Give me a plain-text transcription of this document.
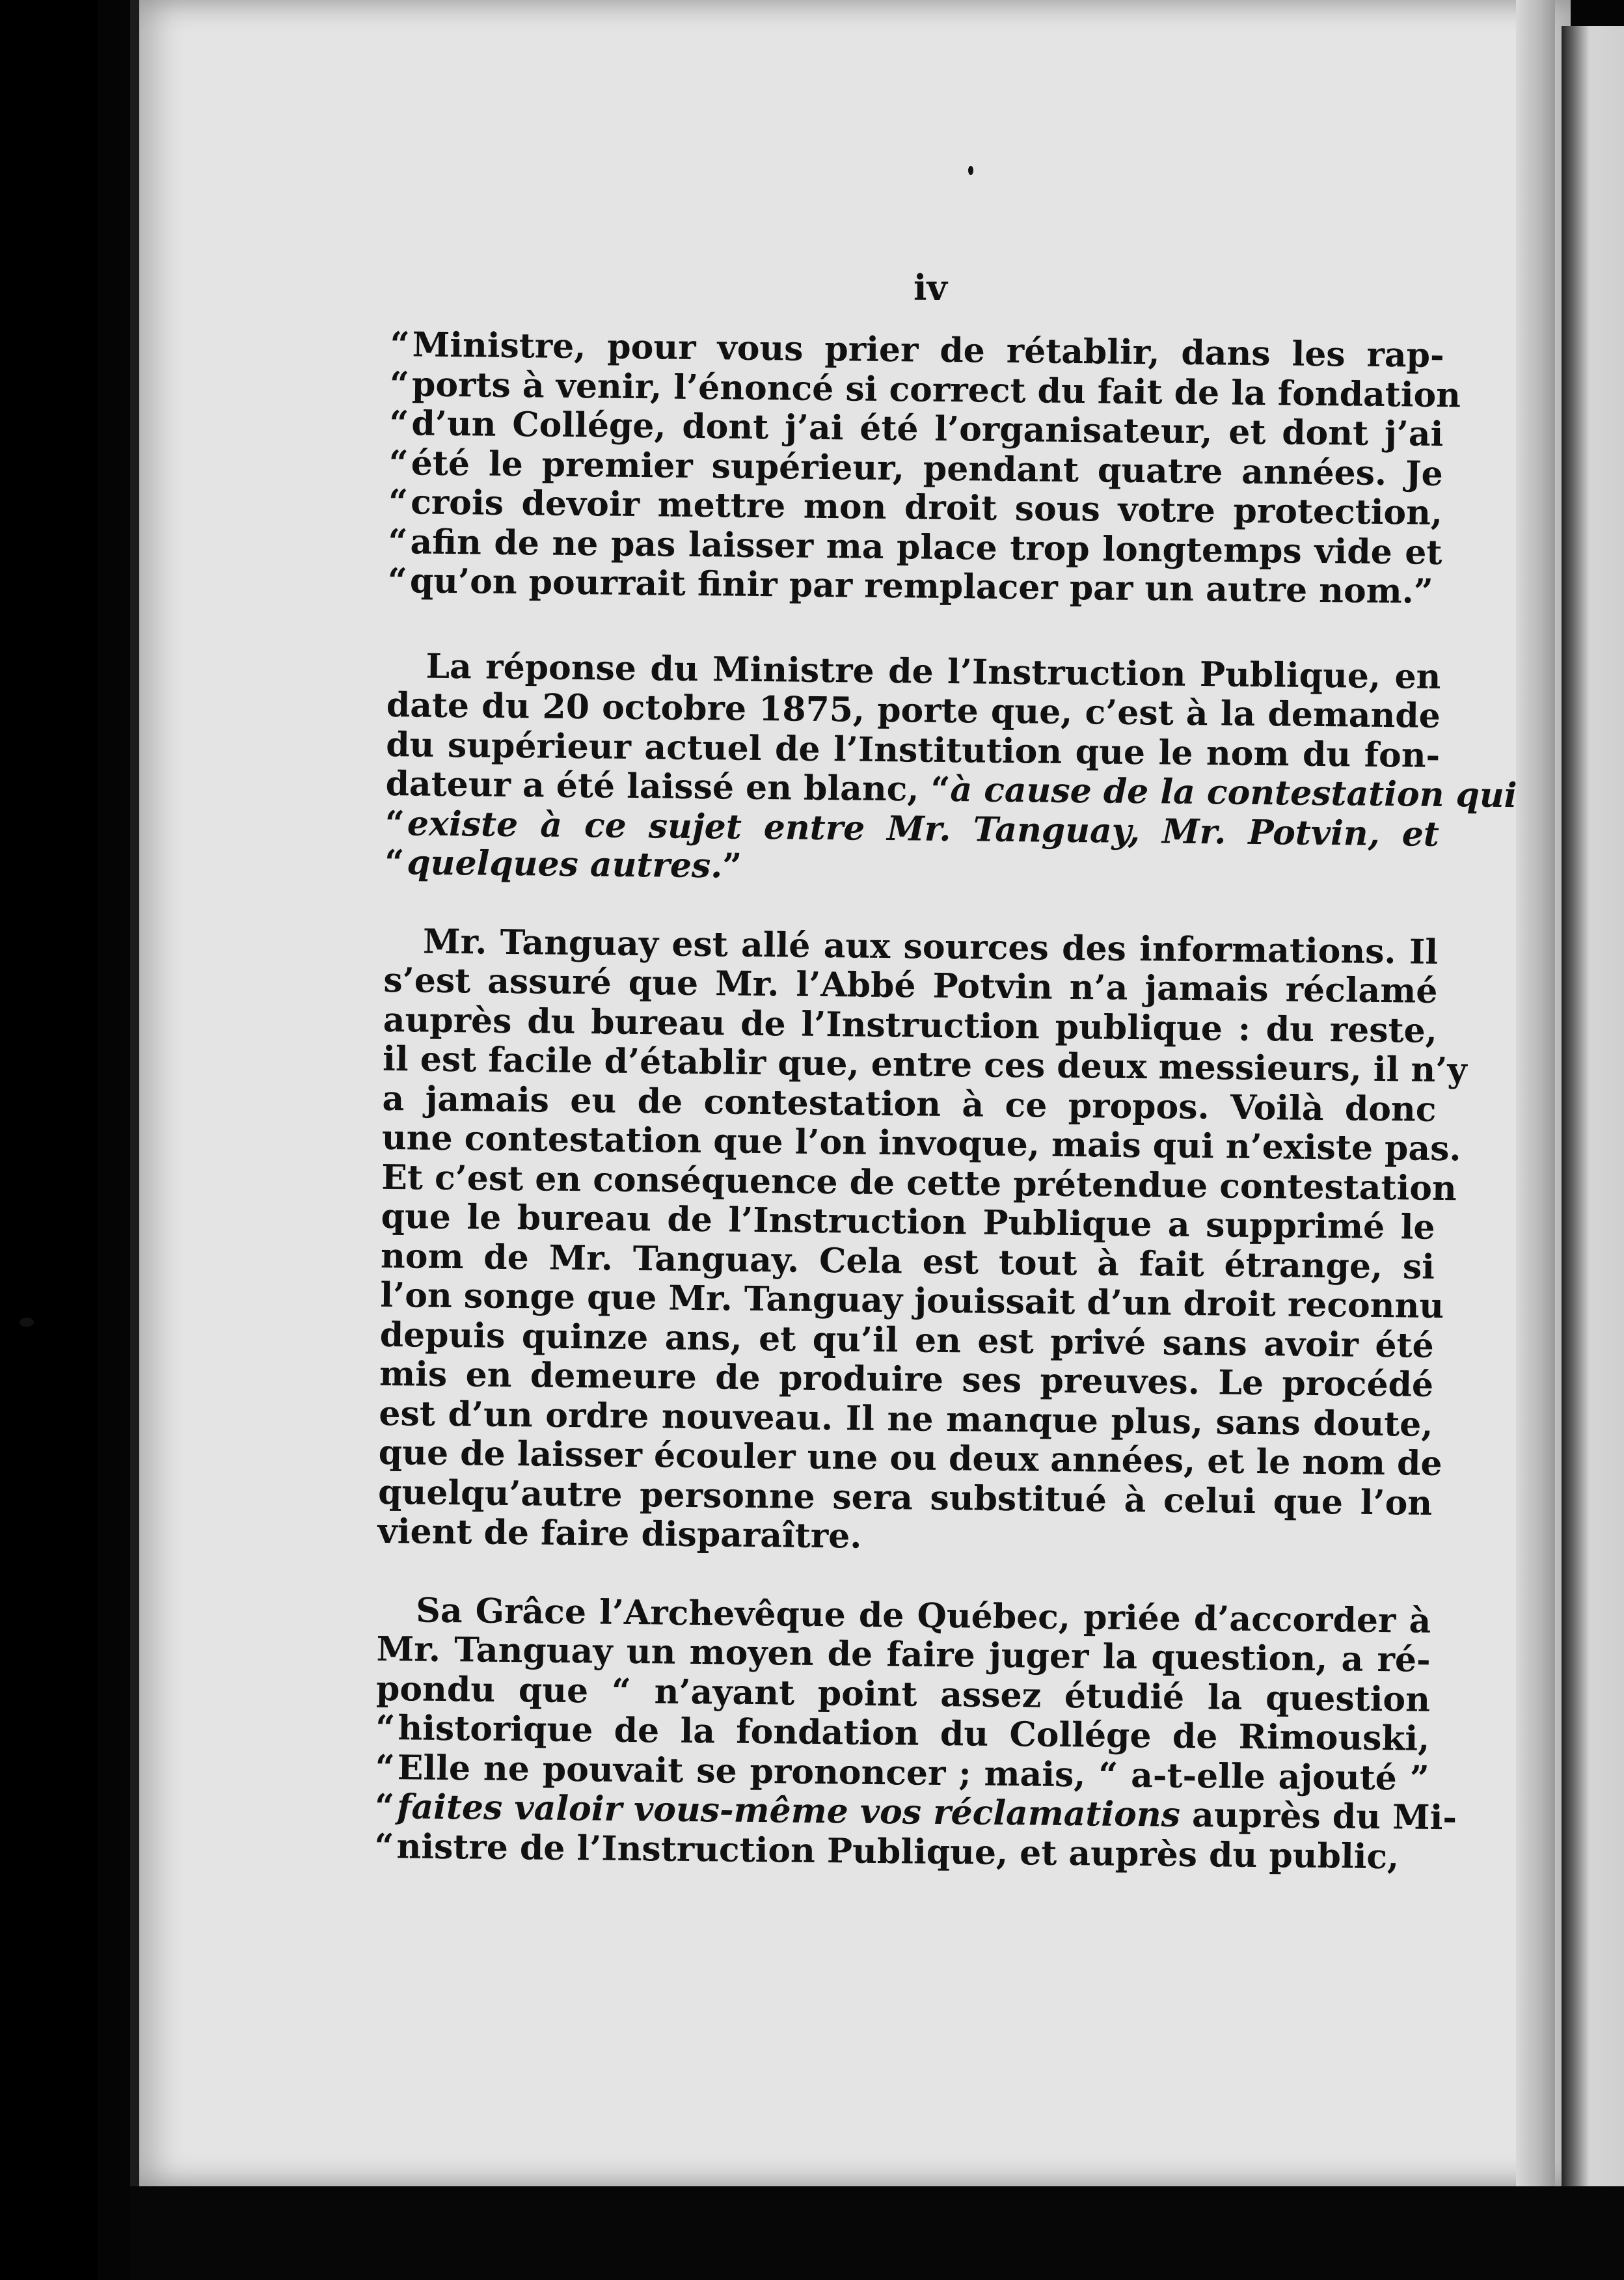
iv
“Ministre, pour vous prier de rétablir, dans les rap-
“ports à venir, l’énoncé si correct du fait de la fondation
“d’un Collége, dont j’ai été l’organisateur, et dont j’ai
“été le premier supérieur, pendant quatre années. Je
“crois devoir mettre mon droit sous votre protection,
“afin de ne pas laisser ma place trop longtemps vide et
“qu’on pourrait finir par remplacer par un autre nom.”
La réponse du Ministre de l’Instruction Publique, en
date du 20 octobre 1875, porte que, c’est à la demande
du supérieur actuel de l’Institution que le nom du fon-
dateur a été laissé en blanc, “à cause de la contestation qui
“existe à ce sujet entre Mr. Tanguay, Mr. Potvin, et
“quelques autres.”
Mr. Tanguay est allé aux sources des informations. Il
s’est assuré que Mr. l’Abbé Potvin n’a jamais réclamé
auprès du bureau de l’Instruction publique : du reste,
il est facile d’établir que, entre ces deux messieurs, il n’y
a jamais eu de contestation à ce propos. Voilà donc
une contestation que l’on invoque, mais qui n’existe pas.
Et c’est en conséquence de cette prétendue contestation
que le bureau de l’Instruction Publique a supprimé le
nom de Mr. Tanguay. Cela est tout à fait étrange, si
l’on songe que Mr. Tanguay jouissait d’un droit reconnu
depuis quinze ans, et qu’il en est privé sans avoir été
mis en demeure de produire ses preuves. Le procédé
est d’un ordre nouveau. Il ne manque plus, sans doute,
que de laisser écouler une ou deux années, et le nom de
quelqu’autre personne sera substitué à celui que l’on
vient de faire disparaître.
Sa Grâce l’Archevêque de Québec, priée d’accorder à
Mr. Tanguay un moyen de faire juger la question, a ré-
pondu que “ n’ayant point assez étudié la question
“historique de la fondation du Collége de Rimouski,
“Elle ne pouvait se prononcer ; mais, “ a-t-elle ajouté ”
“faites valoir vous-même vos réclamations auprès du Mi-
“nistre de l’Instruction Publique, et auprès du public,
